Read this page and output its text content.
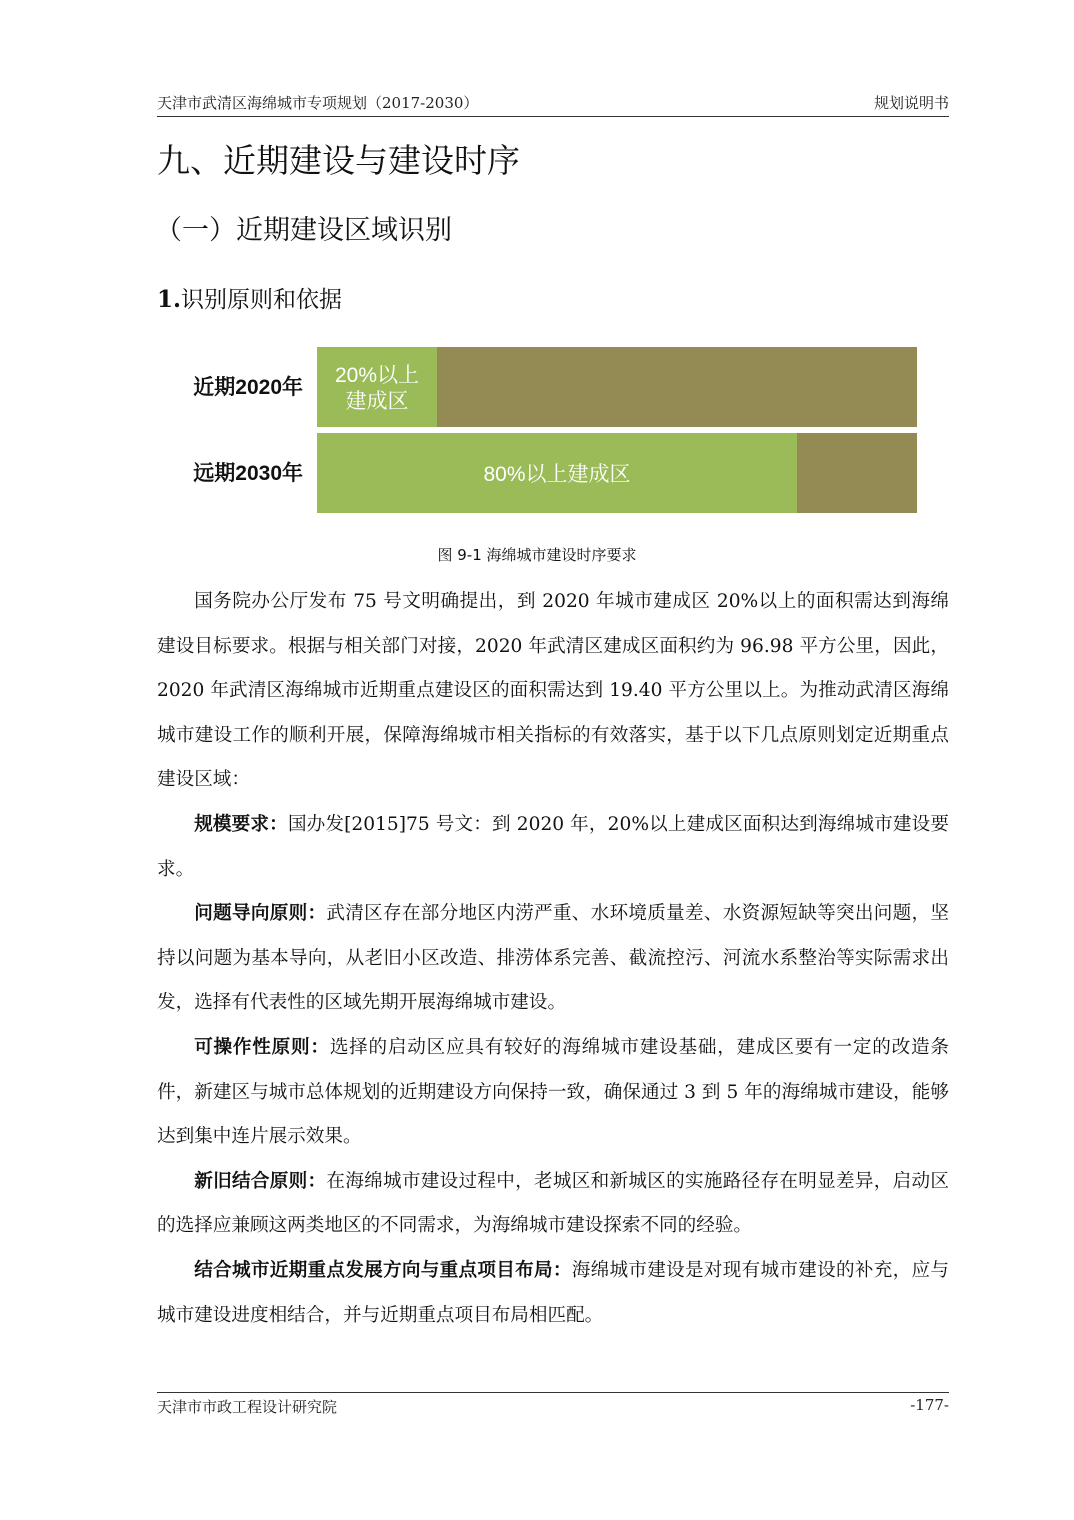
天津市武清区海绵城市专项规划（2017-2030）	规划说明书
九、近期建设与建设时序
（一）近期建设区域识别
1.识别原则和依据
近期2020年
20%以上
建成区
远期2030年	80%以上建成区
图 9-1 海绵城市建设时序要求

国务院办公厅发布 75 号文明确提出，到 2020 年城市建成区 20%以上的面积需达到海绵建设目标要求。根据与相关部门对接，2020 年武清区建成区面积约为 96.98 平方公里，因此，2020 年武清区海绵城市近期重点建设区的面积需达到 19.40 平方公里以上。为推动武清区海绵城市建设工作的顺利开展，保障海绵城市相关指标的有效落实，基于以下几点原则划定近期重点建设区域：

规模要求：国办发[2015]75 号文：到 2020 年，20%以上建成区面积达到海绵城市建设要求。

问题导向原则：武清区存在部分地区内涝严重、水环境质量差、水资源短缺等突出问题，坚持以问题为基本导向，从老旧小区改造、排涝体系完善、截流控污、河流水系整治等实际需求出发，选择有代表性的区域先期开展海绵城市建设。

可操作性原则：选择的启动区应具有较好的海绵城市建设基础，建成区要有一定的改造条件，新建区与城市总体规划的近期建设方向保持一致，确保通过 3 到 5 年的海绵城市建设，能够达到集中连片展示效果。

新旧结合原则：在海绵城市建设过程中，老城区和新城区的实施路径存在明显差异，启动区的选择应兼顾这两类地区的不同需求，为海绵城市建设探索不同的经验。

结合城市近期重点发展方向与重点项目布局：海绵城市建设是对现有城市建设的补充，应与城市建设进度相结合，并与近期重点项目布局相匹配。

天津市市政工程设计研究院	-177-
